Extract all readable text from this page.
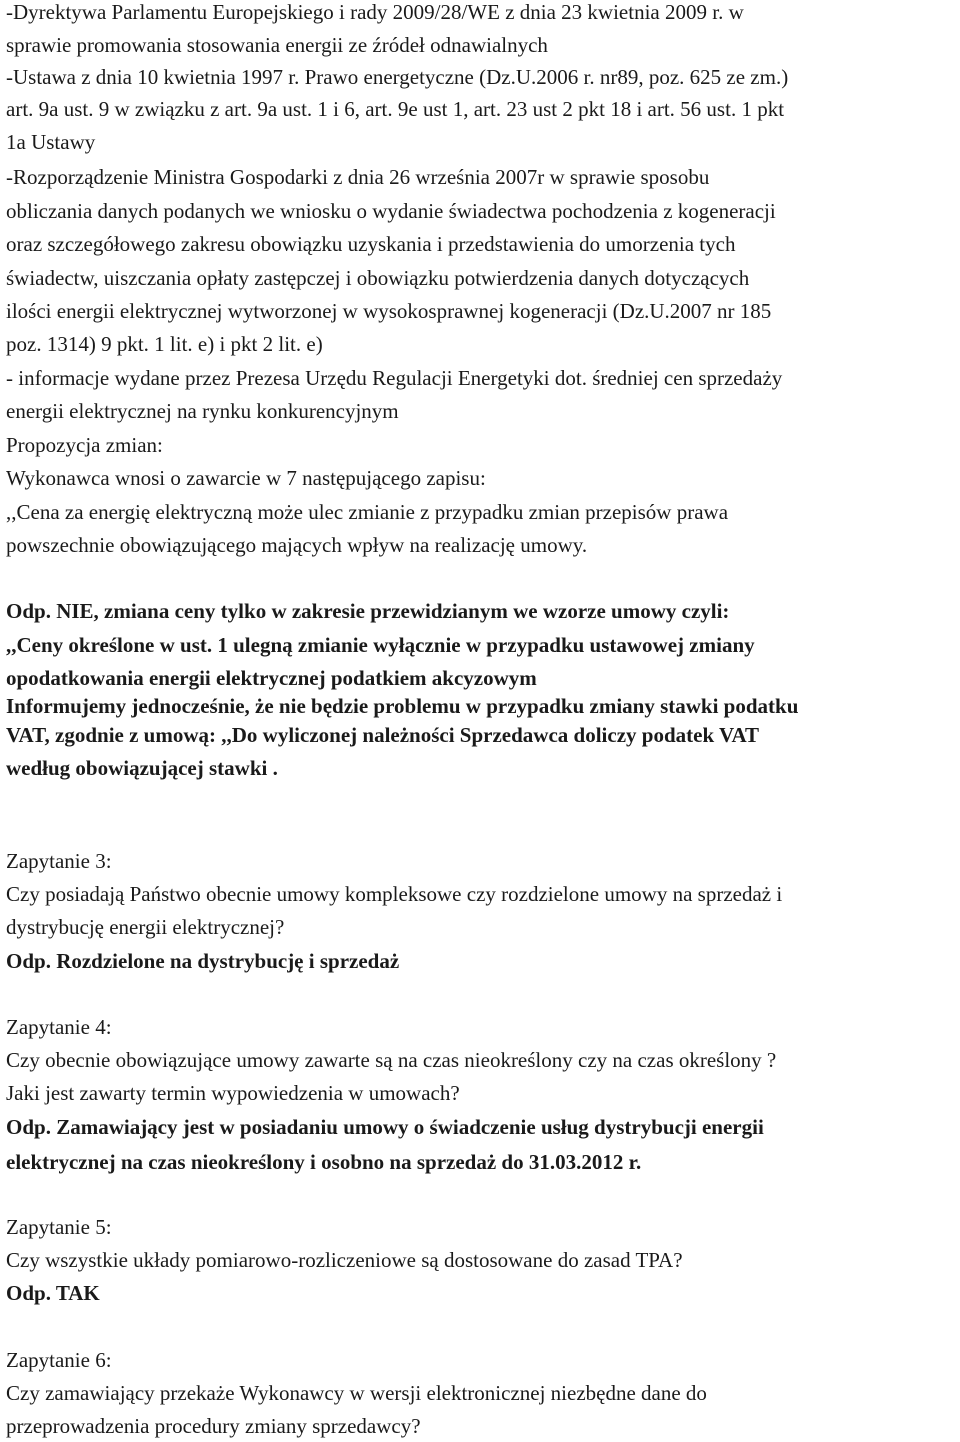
-Dyrektywa Parlamentu Europejskiego i rady 2009/28/WE z dnia 23 kwietnia 2009 r. w
sprawie promowania stosowania energii ze źródeł odnawialnych
-Ustawa z dnia 10 kwietnia 1997 r. Prawo energetyczne (Dz.U.2006 r. nr89, poz. 625 ze zm.)
art. 9a ust. 9 w związku z art. 9a ust. 1 i 6, art. 9e ust 1, art. 23 ust 2 pkt 18 i art. 56 ust. 1 pkt
1a Ustawy
-Rozporządzenie Ministra Gospodarki z dnia 26 września 2007r w sprawie sposobu
obliczania danych podanych we wniosku o wydanie świadectwa pochodzenia z kogeneracji
oraz szczegółowego zakresu obowiązku uzyskania i przedstawienia do umorzenia tych
świadectw, uiszczania opłaty zastępczej i obowiązku potwierdzenia danych dotyczących
ilości energii elektrycznej wytworzonej w wysokosprawnej kogeneracji (Dz.U.2007 nr 185
poz. 1314) 9 pkt. 1 lit. e) i pkt 2 lit. e)
- informacje wydane przez Prezesa Urzędu Regulacji Energetyki dot. średniej cen sprzedaży
energii elektrycznej na rynku konkurencyjnym
Propozycja zmian:
Wykonawca wnosi o zawarcie w 7 następującego zapisu:
,,Cena za energię elektryczną może ulec zmianie z przypadku zmian przepisów prawa
powszechnie obowiązującego mających wpływ na realizację umowy.
Odp. NIE, zmiana ceny tylko w zakresie przewidzianym we wzorze umowy czyli:
,,Ceny określone w ust. 1 ulegną zmianie wyłącznie w przypadku ustawowej zmiany
opodatkowania energii elektrycznej podatkiem akcyzowym
Informujemy jednocześnie, że nie będzie problemu w przypadku zmiany stawki podatku
VAT, zgodnie z umową: ,,Do wyliczonej należności Sprzedawca doliczy podatek VAT
według obowiązującej stawki .
Zapytanie 3:
Czy posiadają Państwo obecnie umowy kompleksowe czy rozdzielone umowy na sprzedaż i
dystrybucję energii elektrycznej?
Odp. Rozdzielone na dystrybucję i sprzedaż
Zapytanie 4:
Czy obecnie obowiązujące umowy zawarte są na czas nieokreślony czy na czas określony ?
Jaki jest zawarty termin wypowiedzenia w umowach?
Odp. Zamawiający jest w posiadaniu umowy o świadczenie usług dystrybucji energii
elektrycznej na czas nieokreślony i osobno na sprzedaż do 31.03.2012 r.
Zapytanie 5:
Czy wszystkie układy pomiarowo-rozliczeniowe są dostosowane do zasad TPA?
Odp. TAK
Zapytanie 6:
Czy zamawiający przekaże Wykonawcy w wersji elektronicznej niezbędne dane do
przeprowadzenia procedury zmiany sprzedawcy?
